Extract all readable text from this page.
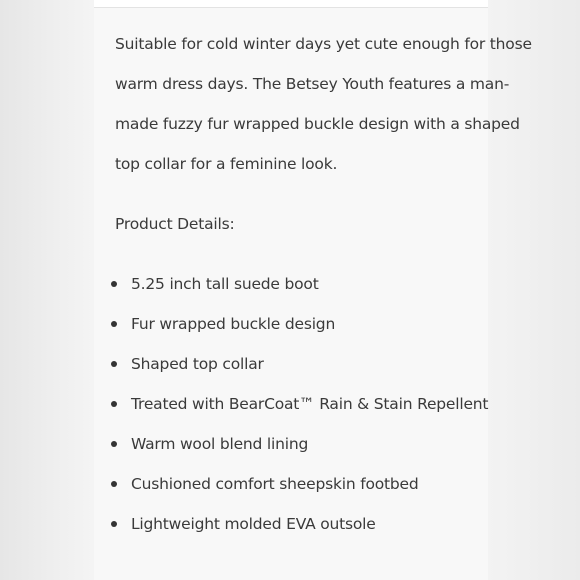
Suitable for cold winter days yet cute enough for those
warm dress days. The Betsey Youth features a man-
made fuzzy fur wrapped buckle design with a shaped
top collar for a feminine look.

Product Details:
5.25 inch tall suede boot
Fur wrapped buckle design
Shaped top collar
Treated with BearCoat™ Rain & Stain Repellent
Warm wool blend lining
Cushioned comfort sheepskin footbed
Lightweight molded EVA outsole
